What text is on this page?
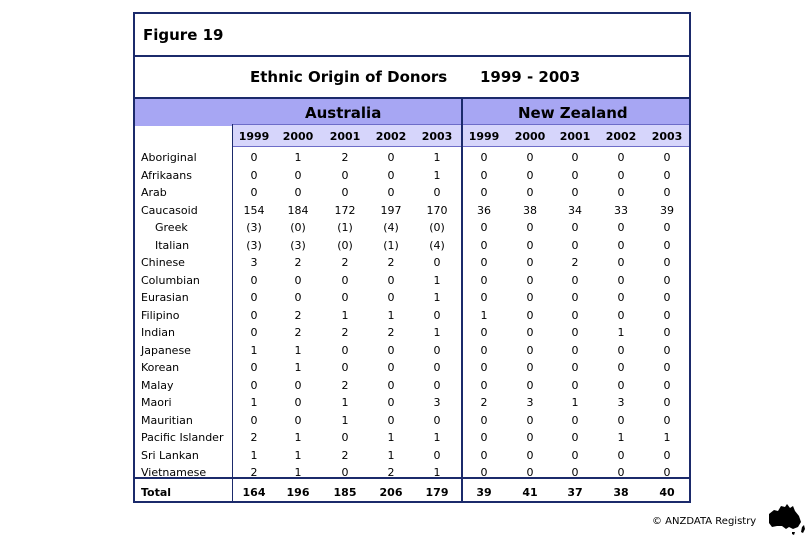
Figure 19
Ethnic Origin of Donors 1999 - 2003
Australia	New Zealand
1999	2000	2001	2002	2003	1999	2000	2001	2002	2003
Aboriginal	0	1	2	0	1	0	0	0	0	0
Afrikaans	0	0	0	0	1	0	0	0	0	0
Arab	0	0	0	0	0	0	0	0	0	0
Caucasoid	154	184	172	197	170	36	38	34	33	39
Greek	(3)	(0)	(1)	(4)	(0)	0	0	0	0	0
Italian	(3)	(3)	(0)	(1)	(4)	0	0	0	0	0
Chinese	3	2	2	2	0	0	0	2	0	0
Columbian	0	0	0	0	1	0	0	0	0	0
Eurasian	0	0	0	0	1	0	0	0	0	0
Filipino	0	2	1	1	0	1	0	0	0	0
Indian	0	2	2	2	1	0	0	0	1	0
Japanese	1	1	0	0	0	0	0	0	0	0
Korean	0	1	0	0	0	0	0	0	0	0
Malay	0	0	2	0	0	0	0	0	0	0
Maori	1	0	1	0	3	2	3	1	3	0
Mauritian	0	0	1	0	0	0	0	0	0	0
Pacific Islander	2	1	0	1	1	0	0	0	1	1
Sri Lankan	1	1	2	1	0	0	0	0	0	0
Vietnamese	2	1	0	2	1	0	0	0	0	0
Total	164	196	185	206	179	39	41	37	38	40
© ANZDATA Registry
